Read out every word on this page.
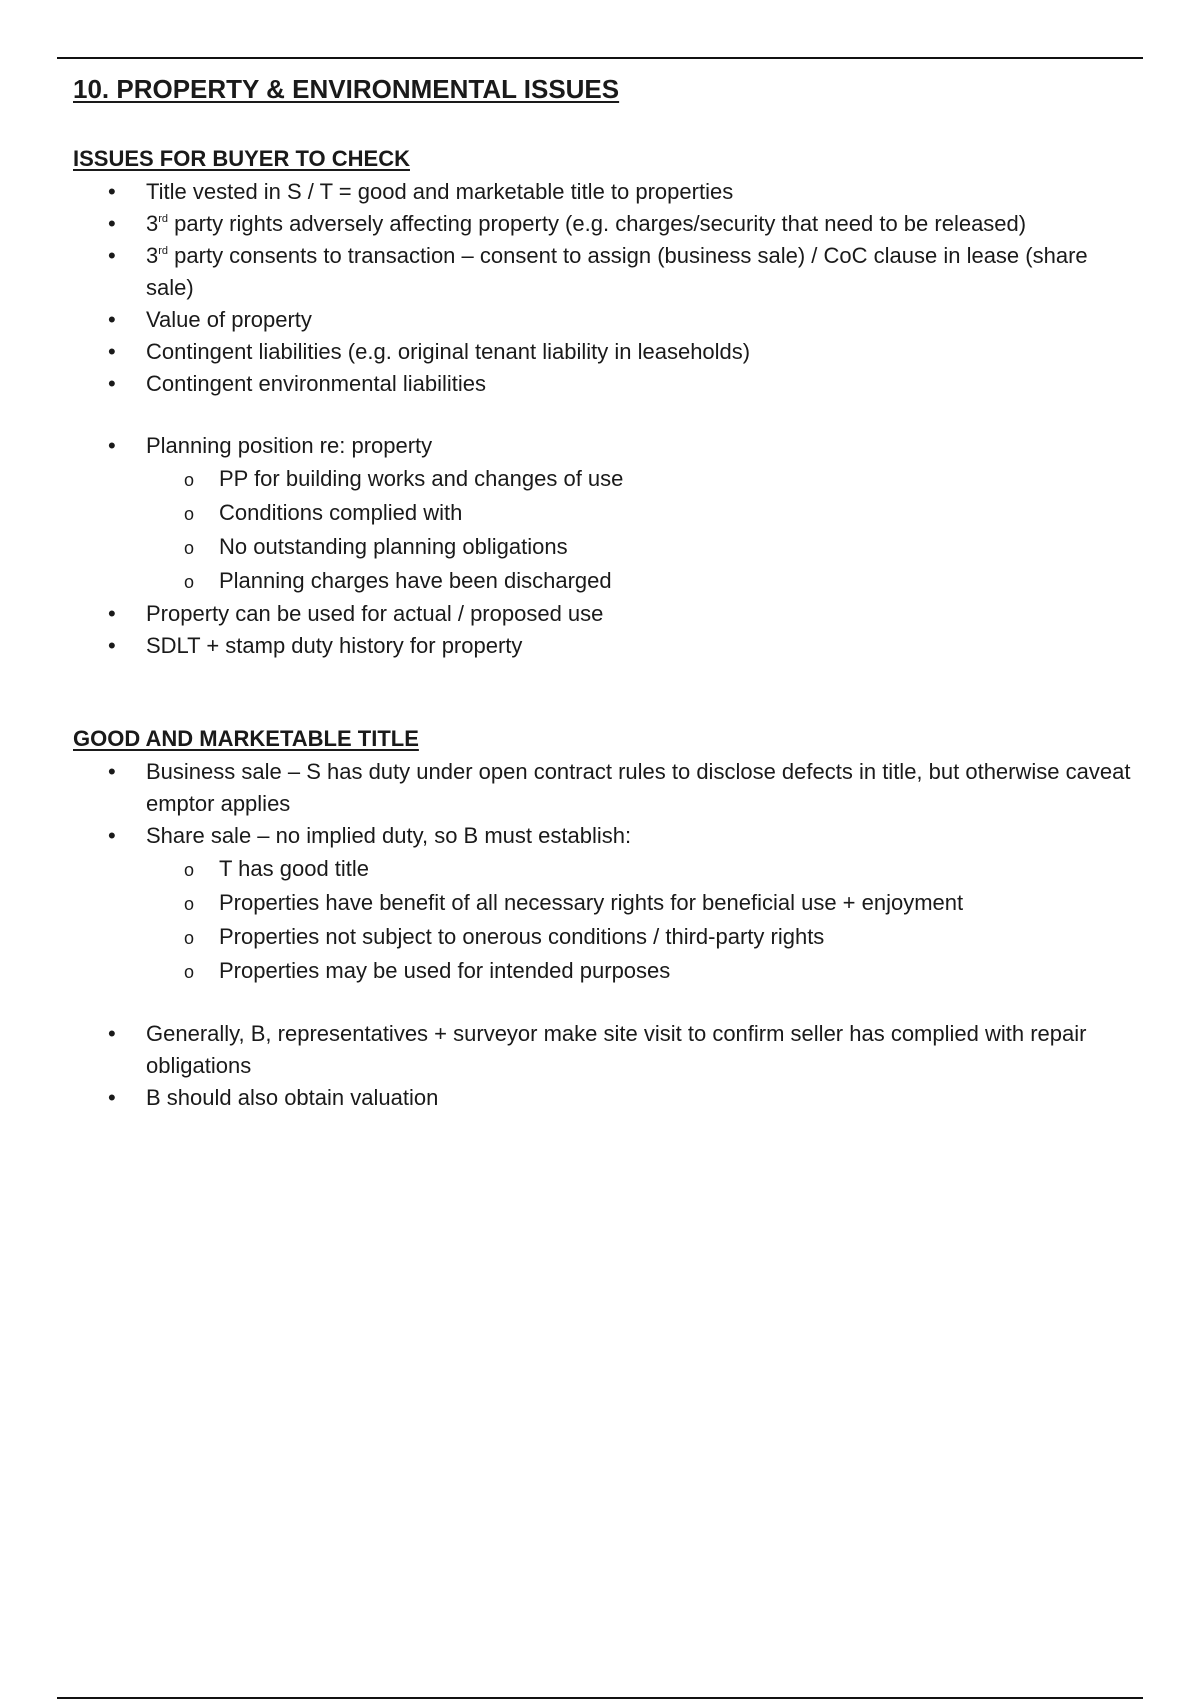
10. PROPERTY & ENVIRONMENTAL ISSUES
ISSUES FOR BUYER TO CHECK
• Title vested in S / T = good and marketable title to properties
• 3rd party rights adversely affecting property (e.g. charges/security that need to be released)
• 3rd party consents to transaction – consent to assign (business sale) / CoC clause in lease (share sale)
• Value of property
• Contingent liabilities (e.g. original tenant liability in leaseholds)
• Contingent environmental liabilities
• Planning position re: property
o PP for building works and changes of use
o Conditions complied with
o No outstanding planning obligations
o Planning charges have been discharged
• Property can be used for actual / proposed use
• SDLT + stamp duty history for property
GOOD AND MARKETABLE TITLE
• Business sale – S has duty under open contract rules to disclose defects in title, but otherwise caveat emptor applies
• Share sale – no implied duty, so B must establish:
o T has good title
o Properties have benefit of all necessary rights for beneficial use + enjoyment
o Properties not subject to onerous conditions / third-party rights
o Properties may be used for intended purposes
• Generally, B, representatives + surveyor make site visit to confirm seller has complied with repair obligations
• B should also obtain valuation
